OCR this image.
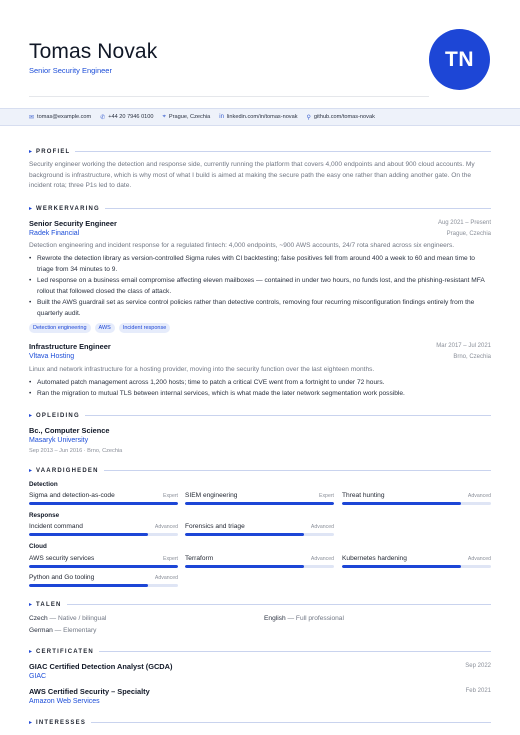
Tomas Novak
Senior Security Engineer	TN
✉ tomas@example.com ✆ +44 20 7946 0100 ⌖ Prague, Czechia in linkedin.com/in/tomas-novak ⚲ github.com/tomas-novak
▸ PROFIEL
Security engineer working the detection and response side, currently running the platform that covers 4,000 endpoints and about 900 cloud accounts. My background is infrastructure, which is why most of what I build is aimed at making the secure path the easy one rather than adding another gate. On the incident rota; three P1s led to date.
▸ WERKERVARING
Senior Security Engineer	Aug 2021 – Present
Radek Financial	Prague, Czechia
Detection engineering and incident response for a regulated fintech: 4,000 endpoints, ~900 AWS accounts, 24/7 rota shared across six engineers.
• Rewrote the detection library as version-controlled Sigma rules with CI backtesting; false positives fell from around 400 a week to 60 and mean time to triage from 34 minutes to 9.
• Led response on a business email compromise affecting eleven mailboxes — contained in under two hours, no funds lost, and the phishing-resistant MFA rollout that followed closed the class of attack.
• Built the AWS guardrail set as service control policies rather than detective controls, removing four recurring misconfiguration findings entirely from the quarterly audit.
Detection engineering	AWS	Incident response
Infrastructure Engineer	Mar 2017 – Jul 2021
Vltava Hosting	Brno, Czechia
Linux and network infrastructure for a hosting provider, moving into the security function over the last eighteen months.
• Automated patch management across 1,200 hosts; time to patch a critical CVE went from a fortnight to under 72 hours.
• Ran the migration to mutual TLS between internal services, which is what made the later network segmentation work possible.
▸ OPLEIDING
Bc., Computer Science
Masaryk University
Sep 2013 – Jun 2016 · Brno, Czechia
▸ VAARDIGHEDEN
Detection
Sigma and detection-as-code	Expert SIEM engineering	Expert Threat hunting	Advanced
Response
Incident command	Advanced Forensics and triage	Advanced
Cloud
AWS security services	Expert Terraform	Advanced Kubernetes hardening	Advanced
Python and Go tooling	Advanced
▸ TALEN
Czech — Native / bilingual	English — Full professional
German — Elementary
▸ CERTIFICATEN
GIAC Certified Detection Analyst (GCDA)	Sep 2022
GIAC
AWS Certified Security – Specialty	Feb 2021
Amazon Web Services
▸ INTERESSES
